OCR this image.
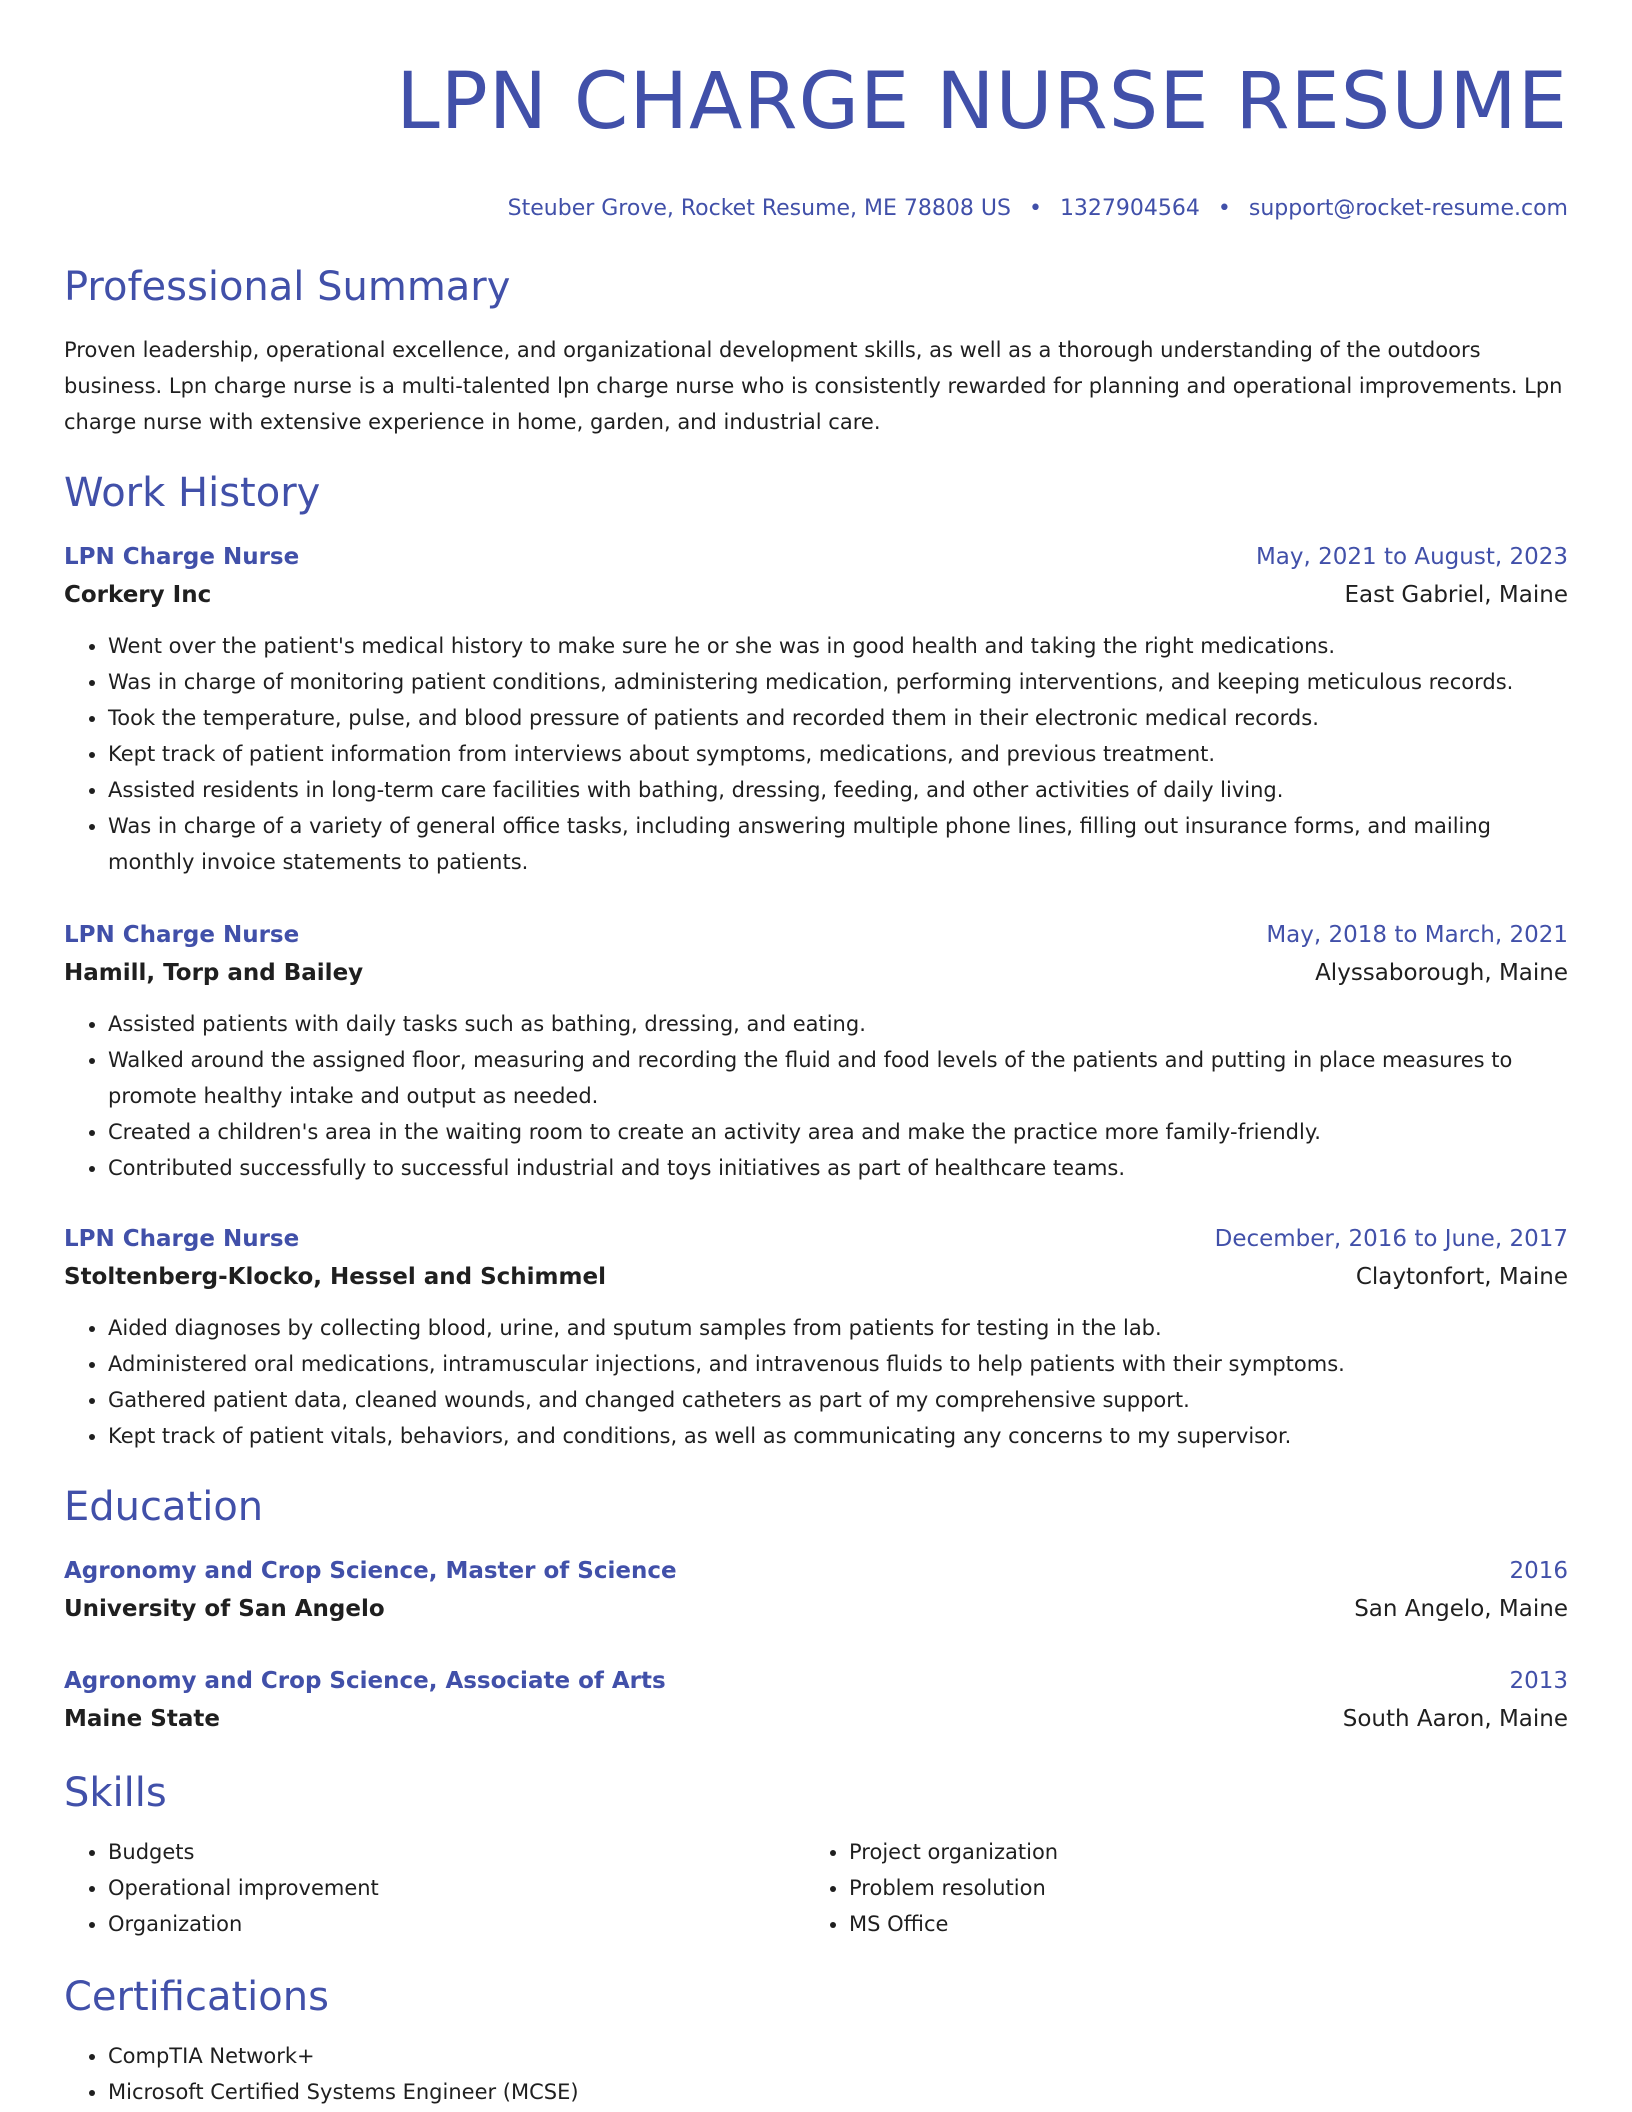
LPN CHARGE NURSE RESUME
Steuber Grove, Rocket Resume, ME 78808 US • 1327904564 • support@rocket-resume.com
Professional Summary

Proven leadership, operational excellence, and organizational development skills, as well as a thorough understanding of the outdoors business. Lpn charge nurse is a multi-talented lpn charge nurse who is consistently rewarded for planning and operational improvements. Lpn charge nurse with extensive experience in home, garden, and industrial care.

Work History
LPN Charge Nurse	May, 2021 to August, 2023
Corkery Inc	East Gabriel, Maine
• Went over the patient's medical history to make sure he or she was in good health and taking the right medications.
• Was in charge of monitoring patient conditions, administering medication, performing interventions, and keeping meticulous records.
• Took the temperature, pulse, and blood pressure of patients and recorded them in their electronic medical records.
• Kept track of patient information from interviews about symptoms, medications, and previous treatment.
• Assisted residents in long-term care facilities with bathing, dressing, feeding, and other activities of daily living.
• Was in charge of a variety of general office tasks, including answering multiple phone lines, filling out insurance forms, and mailing monthly invoice statements to patients.
LPN Charge Nurse	May, 2018 to March, 2021
Hamill, Torp and Bailey	Alyssaborough, Maine
• Assisted patients with daily tasks such as bathing, dressing, and eating.
• Walked around the assigned floor, measuring and recording the fluid and food levels of the patients and putting in place measures to promote healthy intake and output as needed.
• Created a children's area in the waiting room to create an activity area and make the practice more family-friendly.
• Contributed successfully to successful industrial and toys initiatives as part of healthcare teams.
LPN Charge Nurse	December, 2016 to June, 2017
Stoltenberg-Klocko, Hessel and Schimmel	Claytonfort, Maine
• Aided diagnoses by collecting blood, urine, and sputum samples from patients for testing in the lab.
• Administered oral medications, intramuscular injections, and intravenous fluids to help patients with their symptoms.
• Gathered patient data, cleaned wounds, and changed catheters as part of my comprehensive support.
• Kept track of patient vitals, behaviors, and conditions, as well as communicating any concerns to my supervisor.
Education
Agronomy and Crop Science, Master of Science	2016
University of San Angelo	San Angelo, Maine
Agronomy and Crop Science, Associate of Arts	2013
Maine State	South Aaron, Maine
Skills
• Budgets
• Operational improvement
• Organization
• Project organization
• Problem resolution
• MS Office
Certifications
• CompTIA Network+
• Microsoft Certified Systems Engineer (MCSE)
